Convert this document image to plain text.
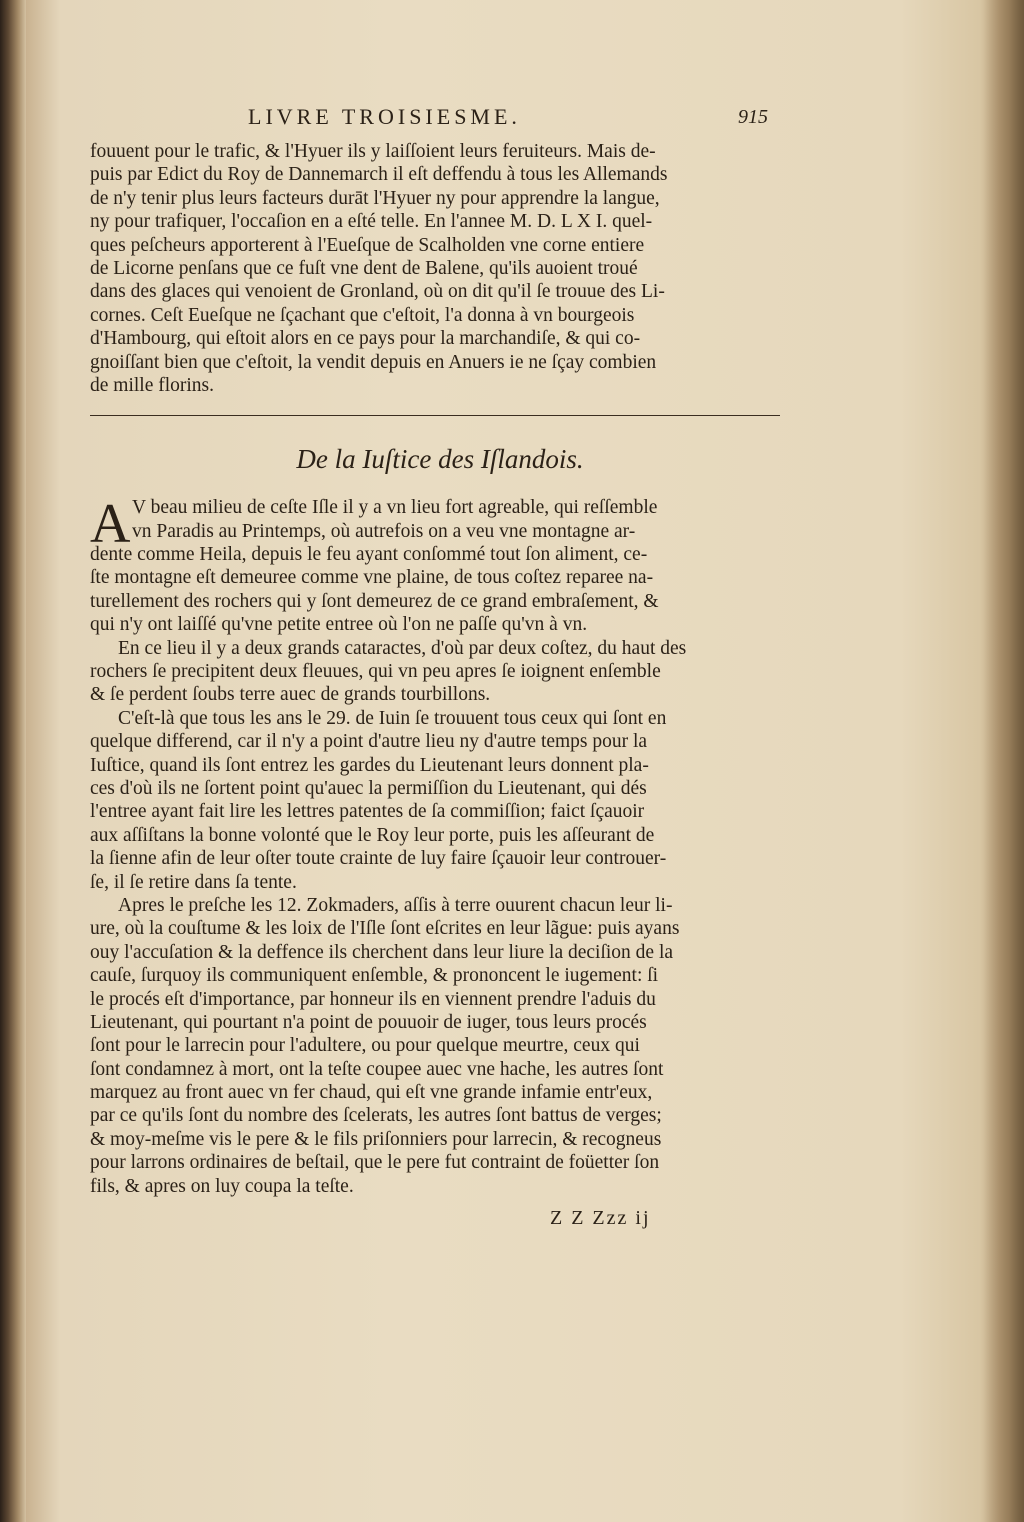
LIVRE TROISIESME.	915
fouuent pour le trafic, & l'Hyuer ils y laiſſoient leurs feruiteurs. Mais de-
puis par Edict du Roy de Dannemarch il eſt deffendu à tous les Allemands
de n'y tenir plus leurs facteurs durāt l'Hyuer ny pour apprendre la langue,
ny pour trafiquer, l'occaſion en a eſté telle. En l'annee M. D. L X I. quel-
ques peſcheurs apporterent à l'Eueſque de Scalholden vne corne entiere
de Licorne penſans que ce fuſt vne dent de Balene, qu'ils auoient troué
dans des glaces qui venoient de Gronland, où on dit qu'il ſe trouue des Li-
cornes. Ceſt Eueſque ne ſçachant que c'eſtoit, l'a donna à vn bourgeois
d'Hambourg, qui eſtoit alors en ce pays pour la marchandiſe, & qui co-
gnoiſſant bien que c'eſtoit, la vendit depuis en Anuers ie ne ſçay combien
de mille florins.
De la Iuſtice des Iſlandois.
A V beau milieu de ceſte Iſle il y a vn lieu fort agreable, qui reſſemble
vn Paradis au Printemps, où autrefois on a veu vne montagne ar-
dente comme Heila, depuis le feu ayant conſommé tout ſon aliment, ce-
ſte montagne eſt demeuree comme vne plaine, de tous coſtez reparee na-
turellement des rochers qui y ſont demeurez de ce grand embraſement, &
qui n'y ont laiſſé qu'vne petite entree où l'on ne paſſe qu'vn à vn.
En ce lieu il y a deux grands cataractes, d'où par deux coſtez, du haut des
rochers ſe precipitent deux fleuues, qui vn peu apres ſe ioignent enſemble
& ſe perdent ſoubs terre auec de grands tourbillons.
C'eſt-là que tous les ans le 29. de Iuin ſe trouuent tous ceux qui ſont en
quelque differend, car il n'y a point d'autre lieu ny d'autre temps pour la
Iuſtice, quand ils ſont entrez les gardes du Lieutenant leurs donnent pla-
ces d'où ils ne ſortent point qu'auec la permiſſion du Lieutenant, qui dés
l'entree ayant fait lire les lettres patentes de ſa commiſſion; faict ſçauoir
aux aſſiſtans la bonne volonté que le Roy leur porte, puis les aſſeurant de
la ſienne afin de leur oſter toute crainte de luy faire ſçauoir leur controuer-
ſe, il ſe retire dans ſa tente.
Apres le preſche les 12. Zokmaders, aſſis à terre ouurent chacun leur li-
ure, où la couſtume & les loix de l'Iſle ſont eſcrites en leur lãgue: puis ayans
ouy l'accuſation & la deffence ils cherchent dans leur liure la deciſion de la
cauſe, ſurquoy ils communiquent enſemble, & prononcent le iugement: ſi
le procés eſt d'importance, par honneur ils en viennent prendre l'aduis du
Lieutenant, qui pourtant n'a point de pouuoir de iuger, tous leurs procés
ſont pour le larrecin pour l'adultere, ou pour quelque meurtre, ceux qui
ſont condamnez à mort, ont la teſte coupee auec vne hache, les autres ſont
marquez au front auec vn fer chaud, qui eſt vne grande infamie entr'eux,
par ce qu'ils ſont du nombre des ſcelerats, les autres ſont battus de verges;
& moy-meſme vis le pere & le fils priſonniers pour larrecin, & recogneus
pour larrons ordinaires de beſtail, que le pere fut contraint de foüetter ſon
fils, & apres on luy coupa la teſte.
Z Z Zzz ij
